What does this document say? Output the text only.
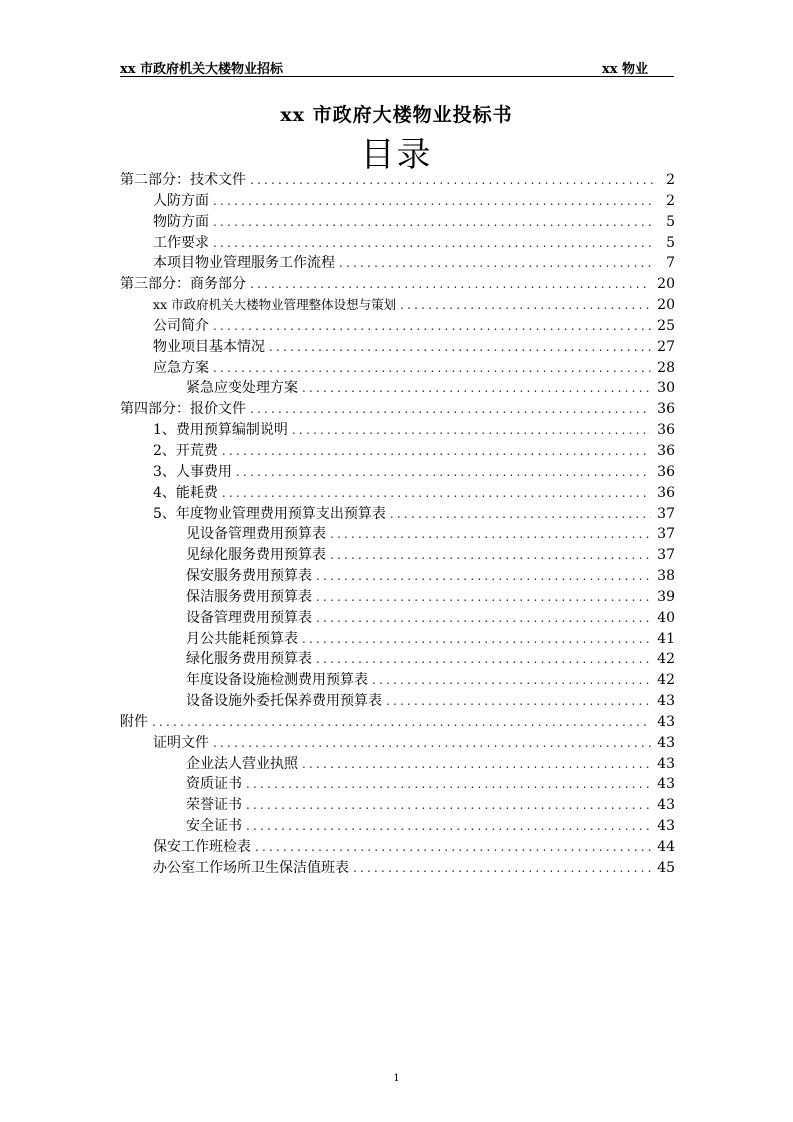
xx 市政府机关大楼物业招标	xx 物业
xx 市政府大楼物业投标书
目录
第二部分：技术文件 .....	2
人防方面 .....	2
物防方面 .....	5
工作要求 .....	5
本项目物业管理服务工作流程 .....	7
第三部分：商务部分 .....	20
xx 市政府机关大楼物业管理整体设想与策划 .....	20
公司简介 .....	25
物业项目基本情况 .....	27
应急方案 .....	28
紧急应变处理方案 .....	30
第四部分：报价文件 .....	36
1、费用预算编制说明 .....	36
2、开荒费 .....	36
3、人事费用 .....	36
4、能耗费 .....	36
5、年度物业管理费用预算支出预算表 .....	37
见设备管理费用预算表 .....	37
见绿化服务费用预算表 .....	37
保安服务费用预算表 .....	38
保洁服务费用预算表 .....	39
设备管理费用预算表 .....	40
月公共能耗预算表 .....	41
绿化服务费用预算表 .....	42
年度设备设施检测费用预算表 .....	42
设备设施外委托保养费用预算表 .....	43
附件 .....	43
证明文件 .....	43
企业法人营业执照 .....	43
资质证书 .....	43
荣誉证书 .....	43
安全证书 .....	43
保安工作班检表 .....	44
办公室工作场所卫生保洁值班表 .....	45
1
